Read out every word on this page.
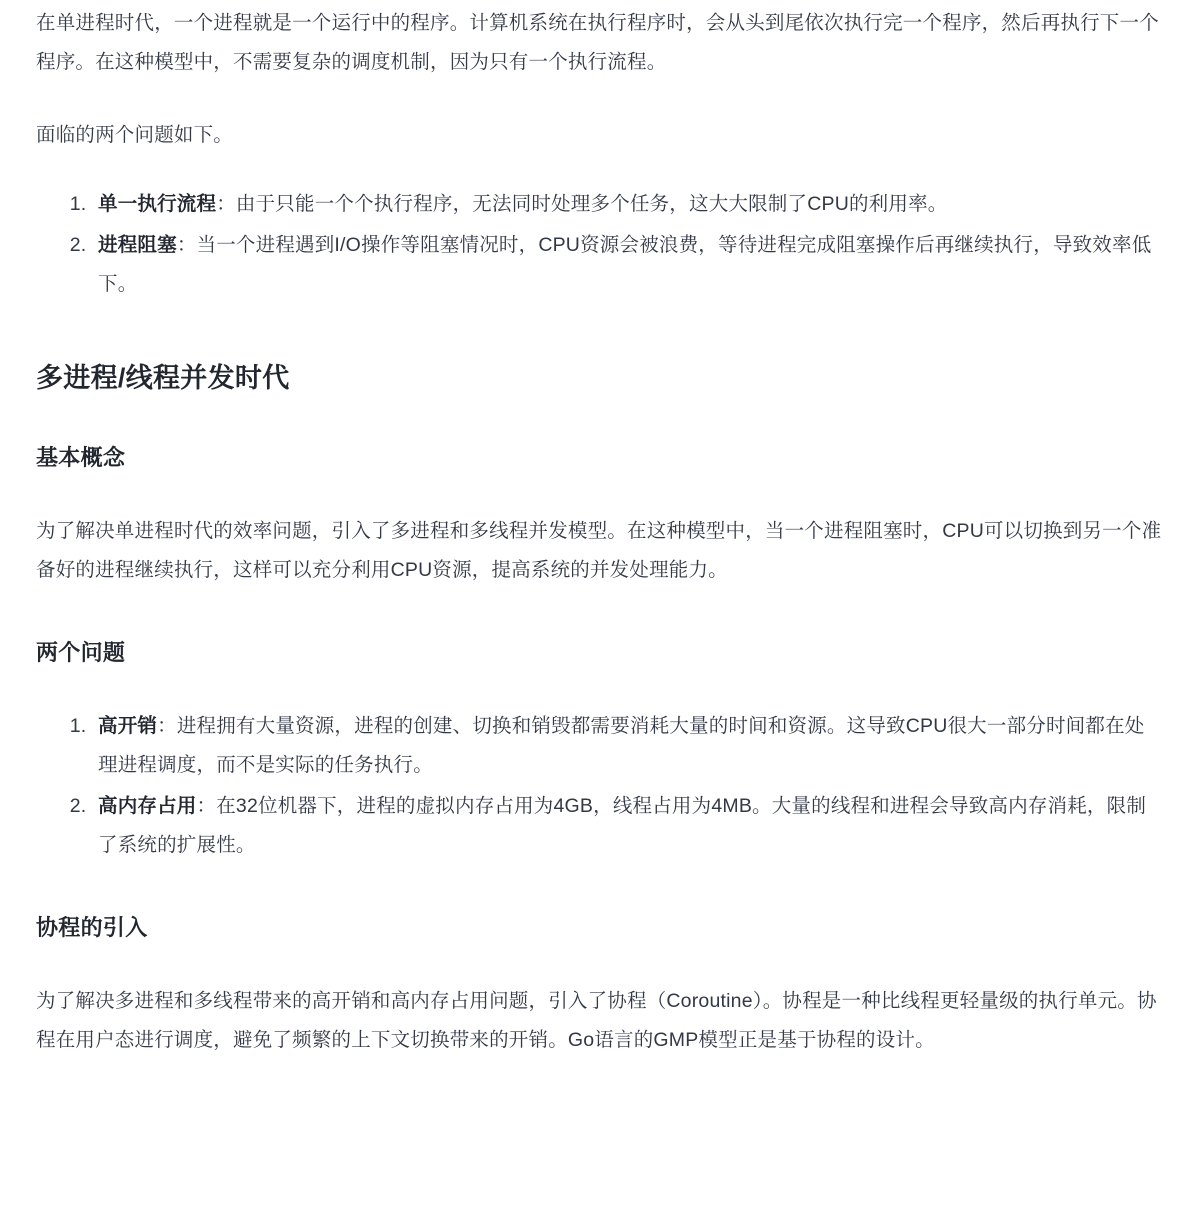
在单进程时代，一个进程就是一个运行中的程序。计算机系统在执行程序时，会从头到尾依次执行完一个程序，然后再执行下一个程序。在这种模型中，不需要复杂的调度机制，因为只有一个执行流程。

面临的两个问题如下。

1. 单一执行流程：由于只能一个个执行程序，无法同时处理多个任务，这大大限制了CPU的利用率。
2. 进程阻塞：当一个进程遇到I/O操作等阻塞情况时，CPU资源会被浪费，等待进程完成阻塞操作后再继续执行，导致效率低下。
多进程/线程并发时代
基本概念

为了解决单进程时代的效率问题，引入了多进程和多线程并发模型。在这种模型中，当一个进程阻塞时，CPU可以切换到另一个准备好的进程继续执行，这样可以充分利用CPU资源，提高系统的并发处理能力。

两个问题
1. 高开销：进程拥有大量资源，进程的创建、切换和销毁都需要消耗大量的时间和资源。这导致CPU很大一部分时间都在处理进程调度，而不是实际的任务执行。
2. 高内存占用：在32位机器下，进程的虚拟内存占用为4GB，线程占用为4MB。大量的线程和进程会导致高内存消耗，限制了系统的扩展性。
协程的引入

为了解决多进程和多线程带来的高开销和高内存占用问题，引入了协程（Coroutine）。协程是一种比线程更轻量级的执行单元。协程在用户态进行调度，避免了频繁的上下文切换带来的开销。Go语言的GMP模型正是基于协程的设计。
